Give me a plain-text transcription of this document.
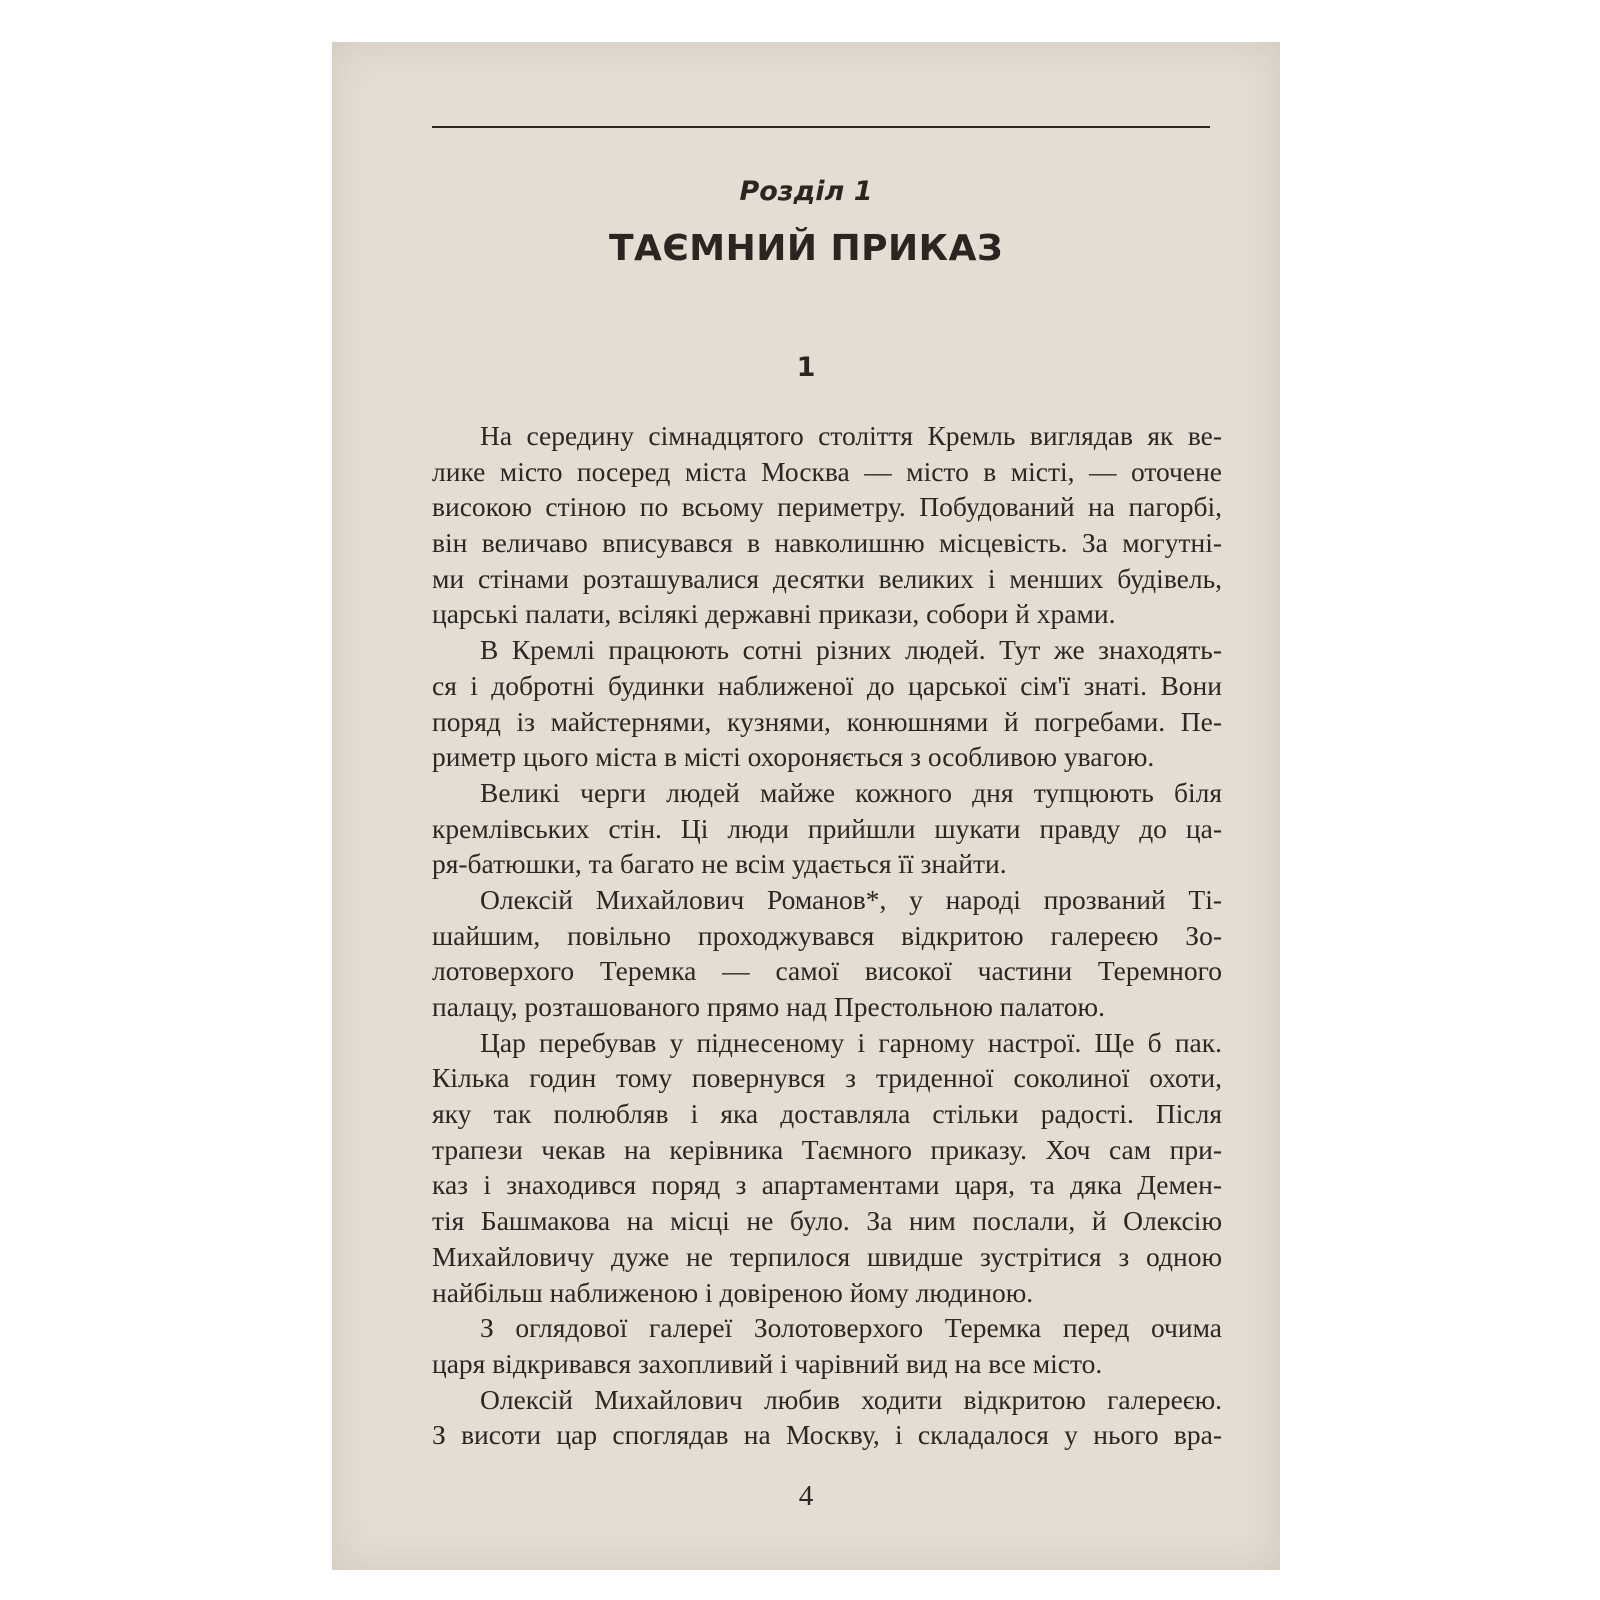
Розділ 1
ТАЄМНИЙ ПРИКАЗ
1
На середину сімнадцятого століття Кремль виглядав як ве-
лике місто посеред міста Москва — місто в місті, — оточене
високою стіною по всьому периметру. Побудований на пагорбі,
він величаво вписувався в навколишню місцевість. За могутні-
ми стінами розташувалися десятки великих і менших будівель,
царські палати, всілякі державні прикази, собори й храми.
В Кремлі працюють сотні різних людей. Тут же знаходять-
ся і добротні будинки наближеної до царської сім'ї знаті. Вони
поряд із майстернями, кузнями, конюшнями й погребами. Пе-
риметр цього міста в місті охороняється з особливою увагою.
Великі черги людей майже кожного дня тупцюють біля
кремлівських стін. Ці люди прийшли шукати правду до ца-
ря-батюшки, та багато не всім удається її знайти.
Олексій Михайлович Романов*, у народі прозваний Ті-
шайшим, повільно проходжувався відкритою галереєю Зо-
лотоверхого Теремка — самої високої частини Теремного
палацу, розташованого прямо над Престольною палатою.
Цар перебував у піднесеному і гарному настрої. Ще б пак.
Кілька годин тому повернувся з триденної соколиної охоти,
яку так полюбляв і яка доставляла стільки радості. Після
трапези чекав на керівника Таємного приказу. Хоч сам при-
каз і знаходився поряд з апартаментами царя, та дяка Демен-
тія Башмакова на місці не було. За ним послали, й Олексію
Михайловичу дуже не терпилося швидше зустрітися з одною
найбільш наближеною і довіреною йому людиною.
З оглядової галереї Золотоверхого Теремка перед очима
царя відкривався захопливий і чарівний вид на все місто.
Олексій Михайлович любив ходити відкритою галереєю.
З висоти цар споглядав на Москву, і складалося у нього вра-
4
